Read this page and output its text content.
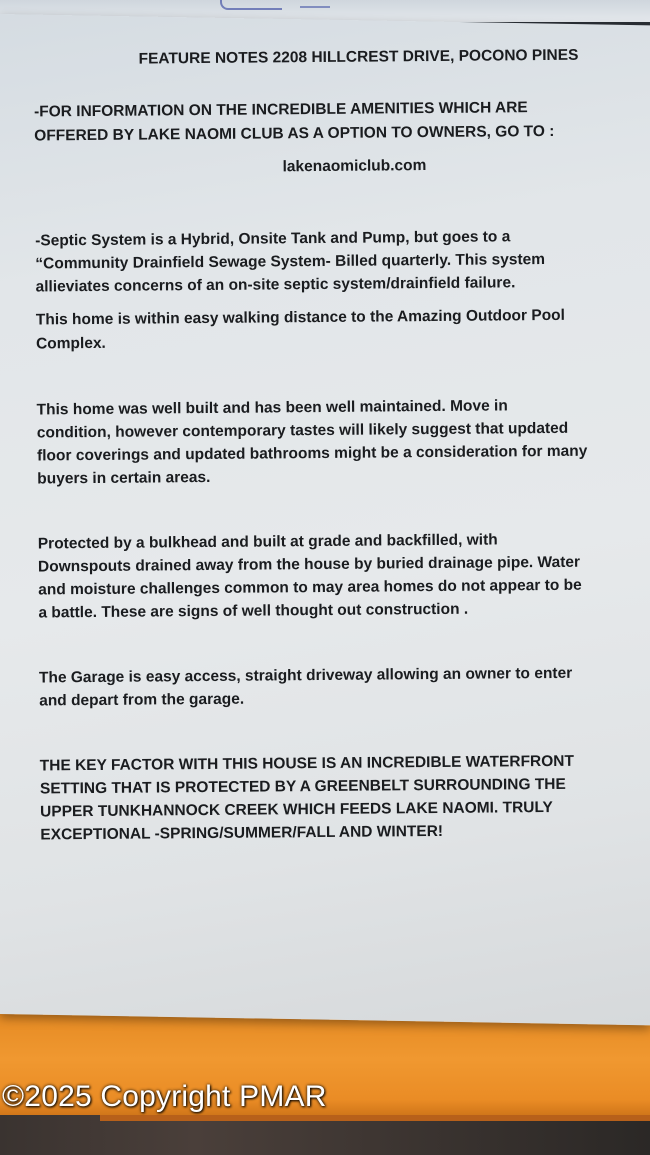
FEATURE NOTES 2208 HILLCREST DRIVE, POCONO PINES
-FOR INFORMATION ON THE INCREDIBLE AMENITIES WHICH ARE
OFFERED BY LAKE NAOMI CLUB AS A OPTION TO OWNERS, GO TO :
lakenaomiclub.com
-Septic System is a Hybrid, Onsite Tank and Pump, but goes to a
“Community Drainfield Sewage System- Billed quarterly. This system
allieviates concerns of an on-site septic system/drainfield failure.
This home is within easy walking distance to the Amazing Outdoor Pool
Complex.
This home was well built and has been well maintained. Move in
condition, however contemporary tastes will likely suggest that updated
floor coverings and updated bathrooms might be a consideration for many
buyers in certain areas.
Protected by a bulkhead and built at grade and backfilled, with
Downspouts drained away from the house by buried drainage pipe. Water
and moisture challenges common to may area homes do not appear to be
a battle. These are signs of well thought out construction .
The Garage is easy access, straight driveway allowing an owner to enter
and depart from the garage.
THE KEY FACTOR WITH THIS HOUSE IS AN INCREDIBLE WATERFRONT
SETTING THAT IS PROTECTED BY A GREENBELT SURROUNDING THE
UPPER TUNKHANNOCK CREEK WHICH FEEDS LAKE NAOMI. TRULY
EXCEPTIONAL -SPRING/SUMMER/FALL AND WINTER!
©2025 Copyright PMAR
